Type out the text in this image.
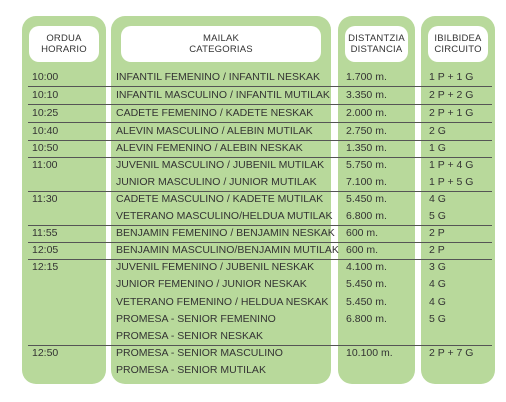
ORDUA
HORARIO
MAILAK
CATEGORIAS
DISTANTZIA
DISTANCIA
IBILBIDEA
CIRCUITO
10:00	INFANTIL FEMENINO / INFANTIL NESKAK 1.700 m.	1 P + 1 G
10:10	INFANTIL MASCULINO / INFANTIL MUTILAK 3.350 m.	2 P + 2 G
10:25	CADETE FEMENINO / KADETE NESKAK	2.000 m.	2 P + 1 G
10:40	ALEVIN MASCULINO / ALEBIN MUTILAK	2.750 m.	2 G
10:50	ALEVIN FEMENINO / ALEBIN NESKAK	1.350 m.	1 G
11:00	JUVENIL MASCULINO / JUBENIL MUTILAK 5.750 m.	1 P + 4 G
JUNIOR MASCULINO / JUNIOR MUTILAK	7.100 m.	1 P + 5 G
11:30	CADETE MASCULINO / KADETE MUTILAK 5.450 m.	4 G
VETERANO MASCULINO/HELDUA MUTILAK 6.800 m.	5 G
11:55	BENJAMIN FEMENINO / BENJAMIN NESKAK 600 m.	2 P
12:05	BENJAMIN MASCULINO/BENJAMIN MUTILAK 600 m.	2 P
12:15	JUVENIL FEMENINO / JUBENIL NESKAK	4.100 m.	3 G
JUNIOR FEMENINO / JUNIOR NESKAK	5.450 m.	4 G
VETERANO FEMENINO / HELDUA NESKAK 5.450 m.	4 G
PROMESA - SENIOR FEMENINO	6.800 m.	5 G
PROMESA - SENIOR NESKAK
12:50	PROMESA - SENIOR MASCULINO	10.100 m.	2 P + 7 G
PROMESA - SENIOR MUTILAK
